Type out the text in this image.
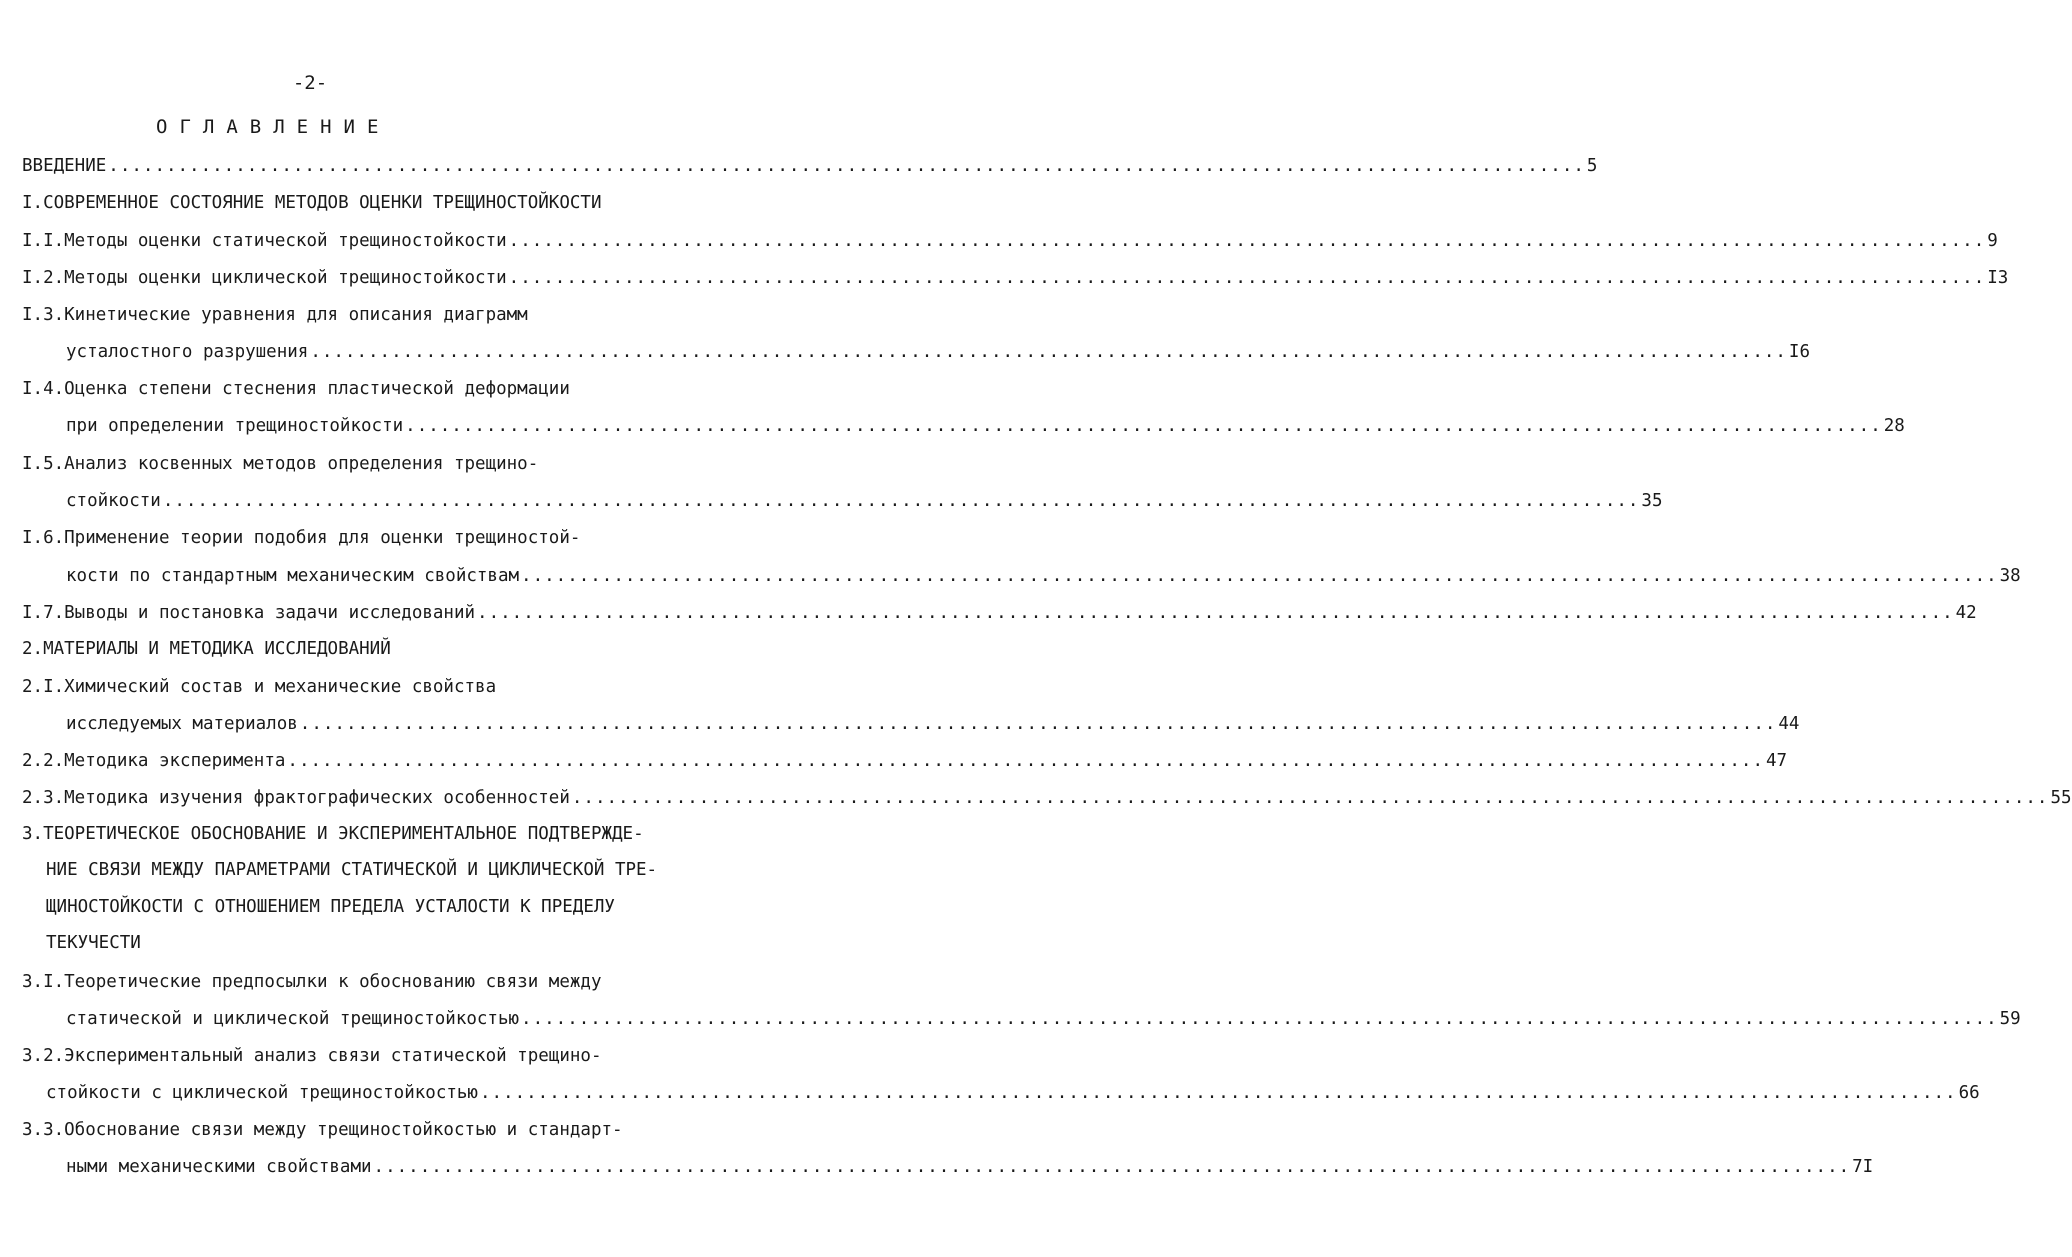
-2-
ОГЛАВЛЕНИЕ
ВВЕДЕНИЕ ................................................................................................................................ 5
I.СОВРЕМЕННОЕ СОСТОЯНИЕ МЕТОДОВ ОЦЕНКИ ТРЕЩИНОСТОЙКОСТИ
I.I.Методы оценки статической трещиностойкости ................................................................................................................................ 9
I.2.Методы оценки циклической трещиностойкости ................................................................................................................................ I3
I.3.Кинетические уравнения для описания диаграмм
усталостного разрушения ................................................................................................................................ I6
I.4.Оценка степени стеснения пластической деформации
при определении трещиностойкости ................................................................................................................................ 28
I.5.Анализ косвенных методов определения трещино-
стойкости ................................................................................................................................ 35
I.6.Применение теории подобия для оценки трещиностой-
кости по стандартным механическим свойствам ................................................................................................................................ 38
I.7.Выводы и постановка задачи исследований ................................................................................................................................ 42
2.МАТЕРИАЛЫ И МЕТОДИКА ИССЛЕДОВАНИЙ
2.I.Химический состав и механические свойства
исследуемых материалов ................................................................................................................................ 44
2.2.Методика эксперимента ................................................................................................................................ 47
2.3.Методика изучения фрактографических особенностей ................................................................................................................................ 55
3.ТЕОРЕТИЧЕСКОЕ ОБОСНОВАНИЕ И ЭКСПЕРИМЕНТАЛЬНОЕ ПОДТВЕРЖДЕ-
НИЕ СВЯЗИ МЕЖДУ ПАРАМЕТРАМИ СТАТИЧЕСКОЙ И ЦИКЛИЧЕСКОЙ ТРЕ-
ЩИНОСТОЙКОСТИ С ОТНОШЕНИЕМ ПРЕДЕЛА УСТАЛОСТИ К ПРЕДЕЛУ
ТЕКУЧЕСТИ
3.I.Теоретические предпосылки к обоснованию связи между
статической и циклической трещиностойкостью ................................................................................................................................ 59
3.2.Экспериментальный анализ связи статической трещино-
стойкости с циклической трещиностойкостью ................................................................................................................................ 66
3.3.Обоснование связи между трещиностойкостью и стандарт-
ными механическими свойствами ................................................................................................................................ 7I
